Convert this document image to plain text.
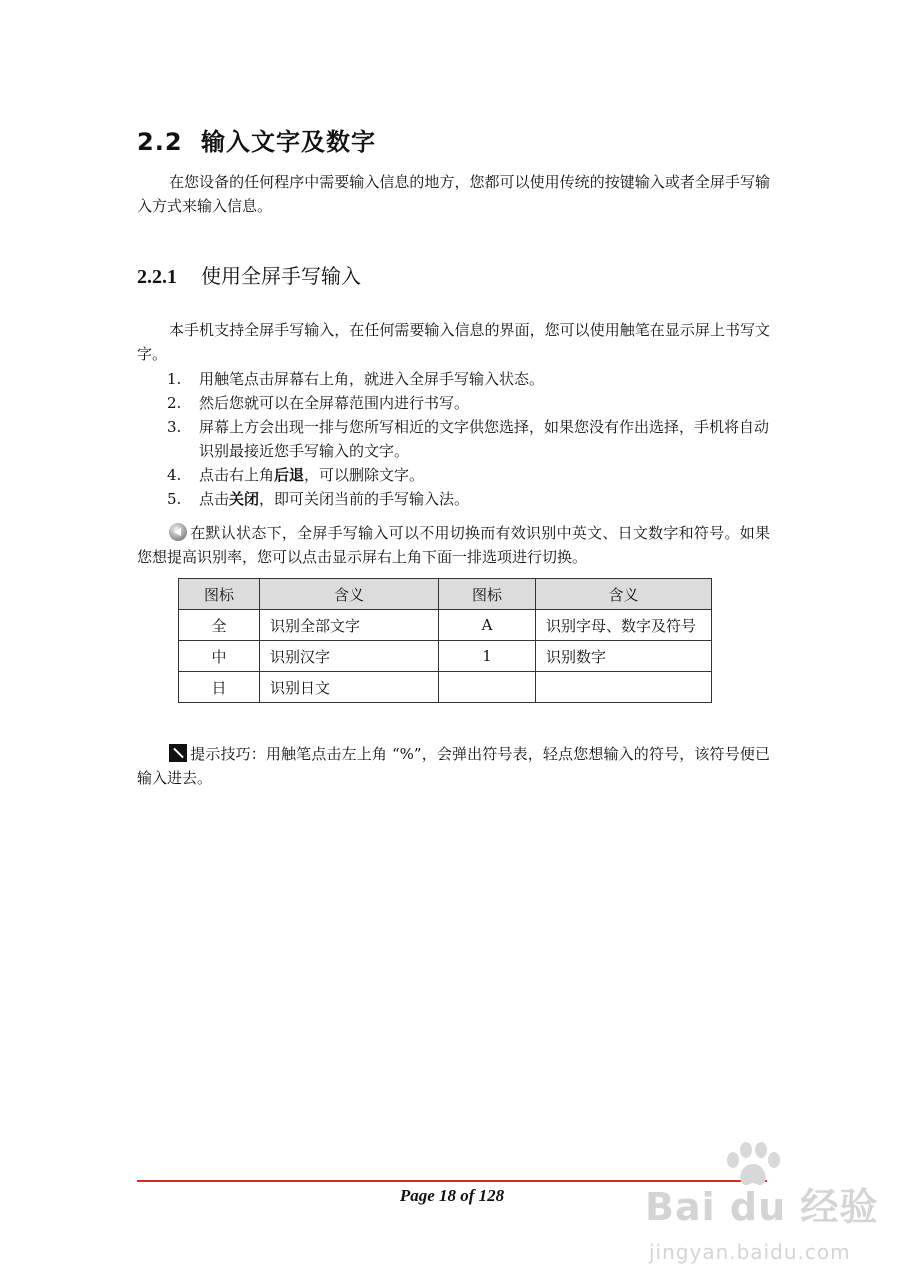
2.2 输入文字及数字

在您设备的任何程序中需要输入信息的地方，您都可以使用传统的按键输入或者全屏手写输入方式来输入信息。

2.2.1 使用全屏手写输入

本手机支持全屏手写输入，在任何需要输入信息的界面，您可以使用触笔在显示屏上书写文字。

1. 用触笔点击屏幕右上角，就进入全屏手写输入状态。
2. 然后您就可以在全屏幕范围内进行书写。
3. 屏幕上方会出现一排与您所写相近的文字供您选择，如果您没有作出选择，手机将自动识别最接近您手写输入的文字。
4. 点击右上角后退，可以删除文字。
5. 点击关闭，即可关闭当前的手写输入法。

在默认状态下，全屏手写输入可以不用切换而有效识别中英文、日文数字和符号。如果您想提高识别率，您可以点击显示屏右上角下面一排选项进行切换。

图标	含义	图标	含义
全	识别全部文字	A	识别字母、数字及符号
中	识别汉字	1	识别数字
日	识别日文		

提示技巧：用触笔点击左上角 “%”，会弹出符号表，轻点您想输入的符号，该符号便已输入进去。

Page 18 of 128	Bai du 经验
jingyan.baidu.com
